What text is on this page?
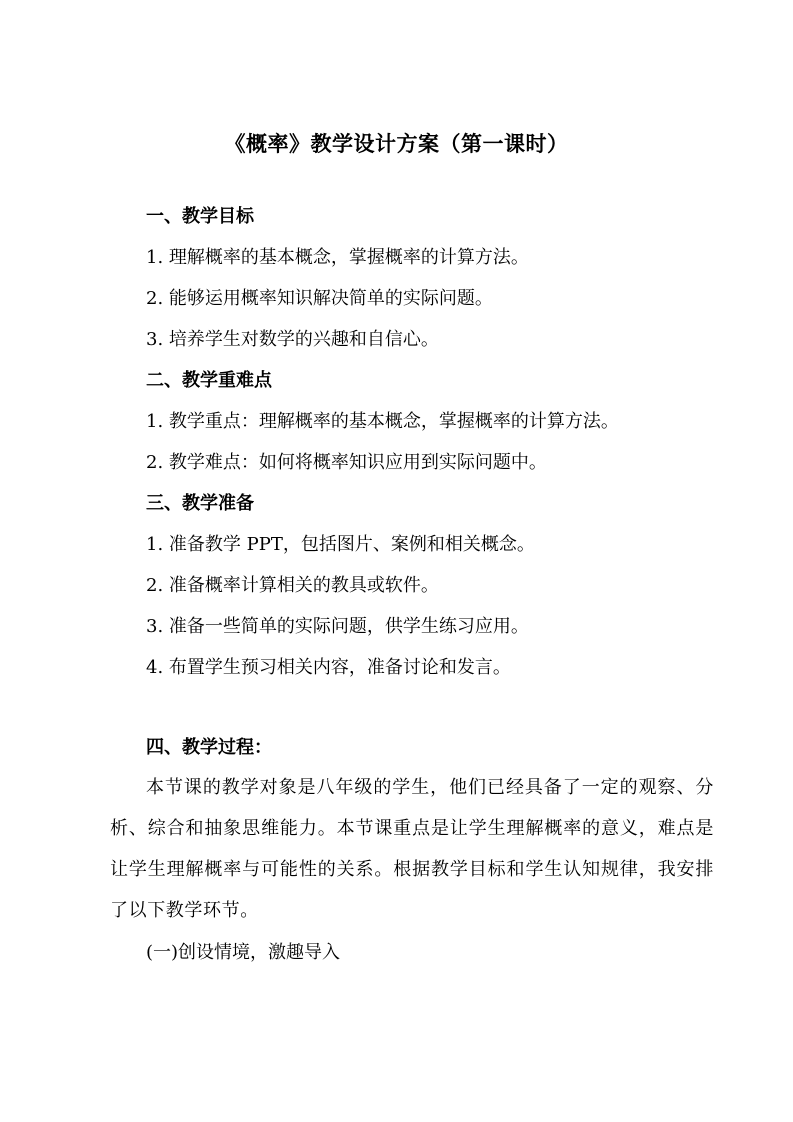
《概率》教学设计方案（第一课时）
一、教学目标
1. 理解概率的基本概念，掌握概率的计算方法。
2. 能够运用概率知识解决简单的实际问题。
3. 培养学生对数学的兴趣和自信心。
二、教学重难点
1. 教学重点：理解概率的基本概念，掌握概率的计算方法。
2. 教学难点：如何将概率知识应用到实际问题中。
三、教学准备
1. 准备教学 PPT，包括图片、案例和相关概念。
2. 准备概率计算相关的教具或软件。
3. 准备一些简单的实际问题，供学生练习应用。
4. 布置学生预习相关内容，准备讨论和发言。
四、教学过程：
本节课的教学对象是八年级的学生，他们已经具备了一定的观察、分析、综合和抽象思维能力。本节课重点是让学生理解概率的意义，难点是让学生理解概率与可能性的关系。根据教学目标和学生认知规律，我安排了以下教学环节。
(一)创设情境，激趣导入
